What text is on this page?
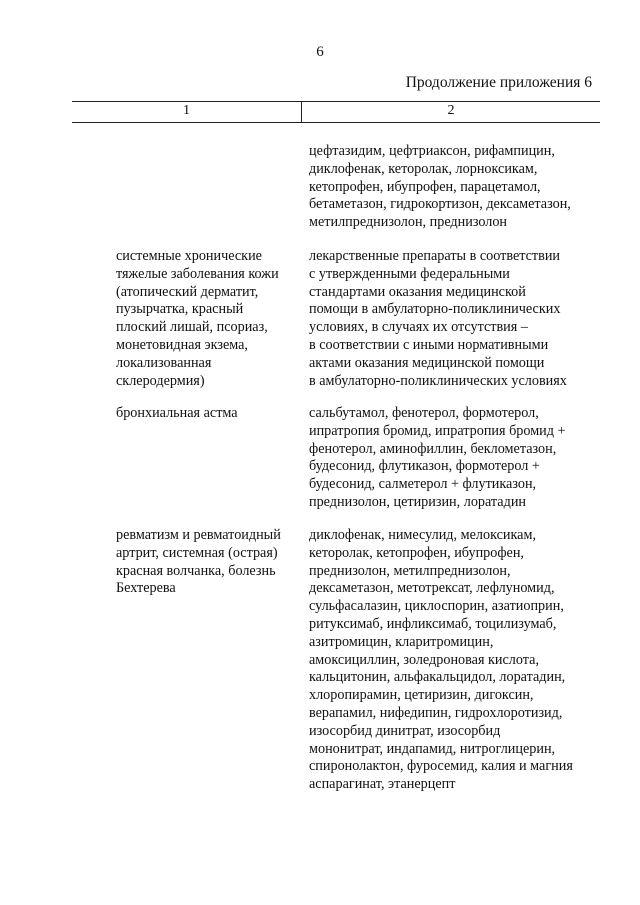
6
Продолжение приложения 6
1	2
цефтазидим, цефтриаксон, рифампицин,
диклофенак, кеторолак, лорноксикам,
кетопрофен, ибупрофен, парацетамол,
бетаметазон, гидрокортизон, дексаметазон,
метилпреднизолон, преднизолон
системные хронические
тяжелые заболевания кожи
(атопический дерматит,
пузырчатка, красный
плоский лишай, псориаз,
монетовидная экзема,
локализованная
склеродермия)
лекарственные препараты в соответствии
с утвержденными федеральными
стандартами оказания медицинской
помощи в амбулаторно-поликлинических
условиях, в случаях их отсутствия –
в соответствии с иными нормативными
актами оказания медицинской помощи
в амбулаторно-поликлинических условиях
бронхиальная астма	сальбутамол, фенотерол, формотерол,
ипратропия бромид, ипратропия бромид +
фенотерол, аминофиллин, беклометазон,
будесонид, флутиказон, формотерол +
будесонид, салметерол + флутиказон,
преднизолон, цетиризин, лоратадин
ревматизм и ревматоидный
артрит, системная (острая)
красная волчанка, болезнь
Бехтерева
диклофенак, нимесулид, мелоксикам,
кеторолак, кетопрофен, ибупрофен,
преднизолон, метилпреднизолон,
дексаметазон, метотрексат, лефлуномид,
сульфасалазин, циклоспорин, азатиоприн,
ритуксимаб, инфликсимаб, тоцилизумаб,
азитромицин, кларитромицин,
амоксициллин, золедроновая кислота,
кальцитонин, альфакальцидол, лоратадин,
хлоропирамин, цетиризин, дигоксин,
верапамил, нифедипин, гидрохлоротизид,
изосорбид динитрат, изосорбид
мононитрат, индапамид, нитроглицерин,
спиронолактон, фуросемид, калия и магния
аспарагинат, этанерцепт
